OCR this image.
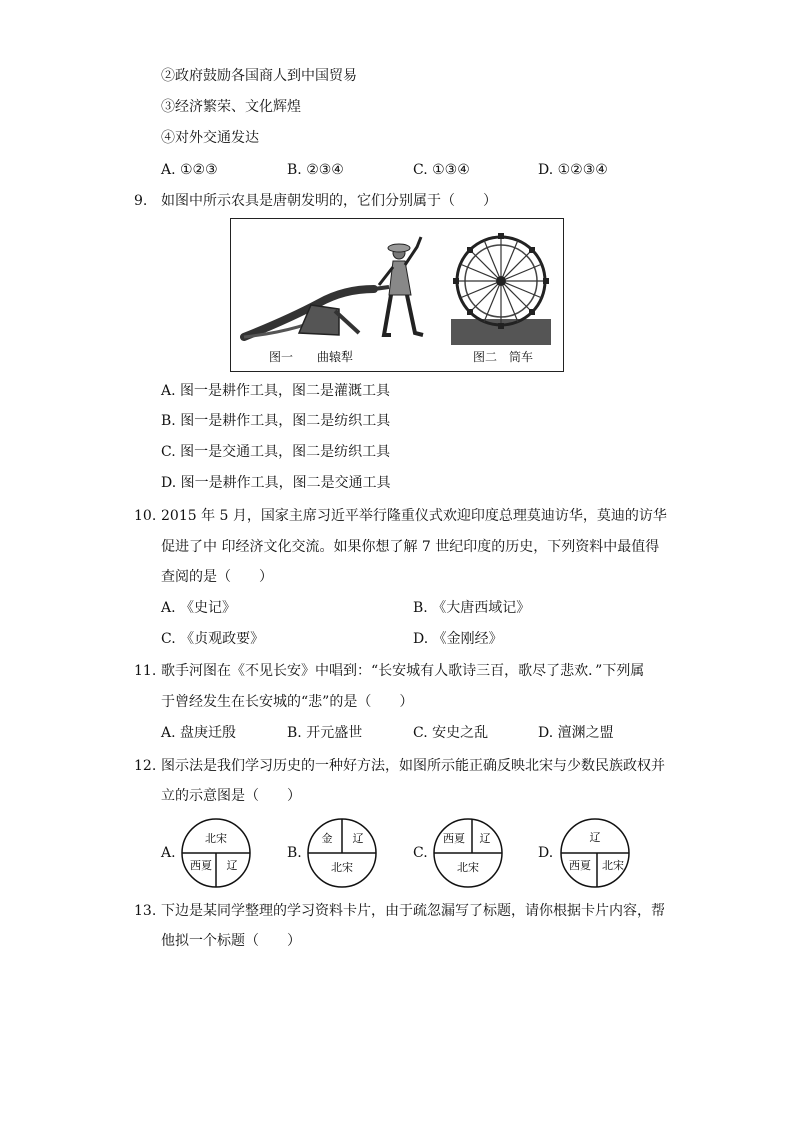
②政府鼓励各国商人到中国贸易
③经济繁荣、文化辉煌
④对外交通发达
A. ①②③	B. ②③④	C. ①③④	D. ①②③④
9. 如图中所示农具是唐朝发明的，它们分别属于（　　）
图一　　曲辕犁	图二　筒车
A. 图一是耕作工具，图二是灌溉工具
B. 图一是耕作工具，图二是纺织工具
C. 图一是交通工具，图二是纺织工具
D. 图一是耕作工具，图二是交通工具
10. 2015 年 5 月，国家主席习近平举行隆重仪式欢迎印度总理莫迪访华，莫迪的访华
促进了中 印经济文化交流。如果你想了解 7 世纪印度的历史，下列资料中最值得
查阅的是（　　）
A. 《史记》	B. 《大唐西域记》
C. 《贞观政要》	D. 《金刚经》
11. 歌手河图在《不见长安》中唱到：“长安城有人歌诗三百，歌尽了悲欢．”下列属
于曾经发生在长安城的“悲”的是（　　）
A. 盘庚迁殷	B. 开元盛世	C. 安史之乱	D. 澶渊之盟
12. 图示法是我们学习历史的一种好方法，如图所示能正确反映北宋与少数民族政权并
立的示意图是（　　）
A.
北宋
西夏 辽
B.
金 辽
北宋
C.
西夏 辽
北宋
D.
辽
西夏 北宋
13. 下边是某同学整理的学习资料卡片，由于疏忽漏写了标题，请你根据卡片内容，帮
他拟一个标题（　　）
